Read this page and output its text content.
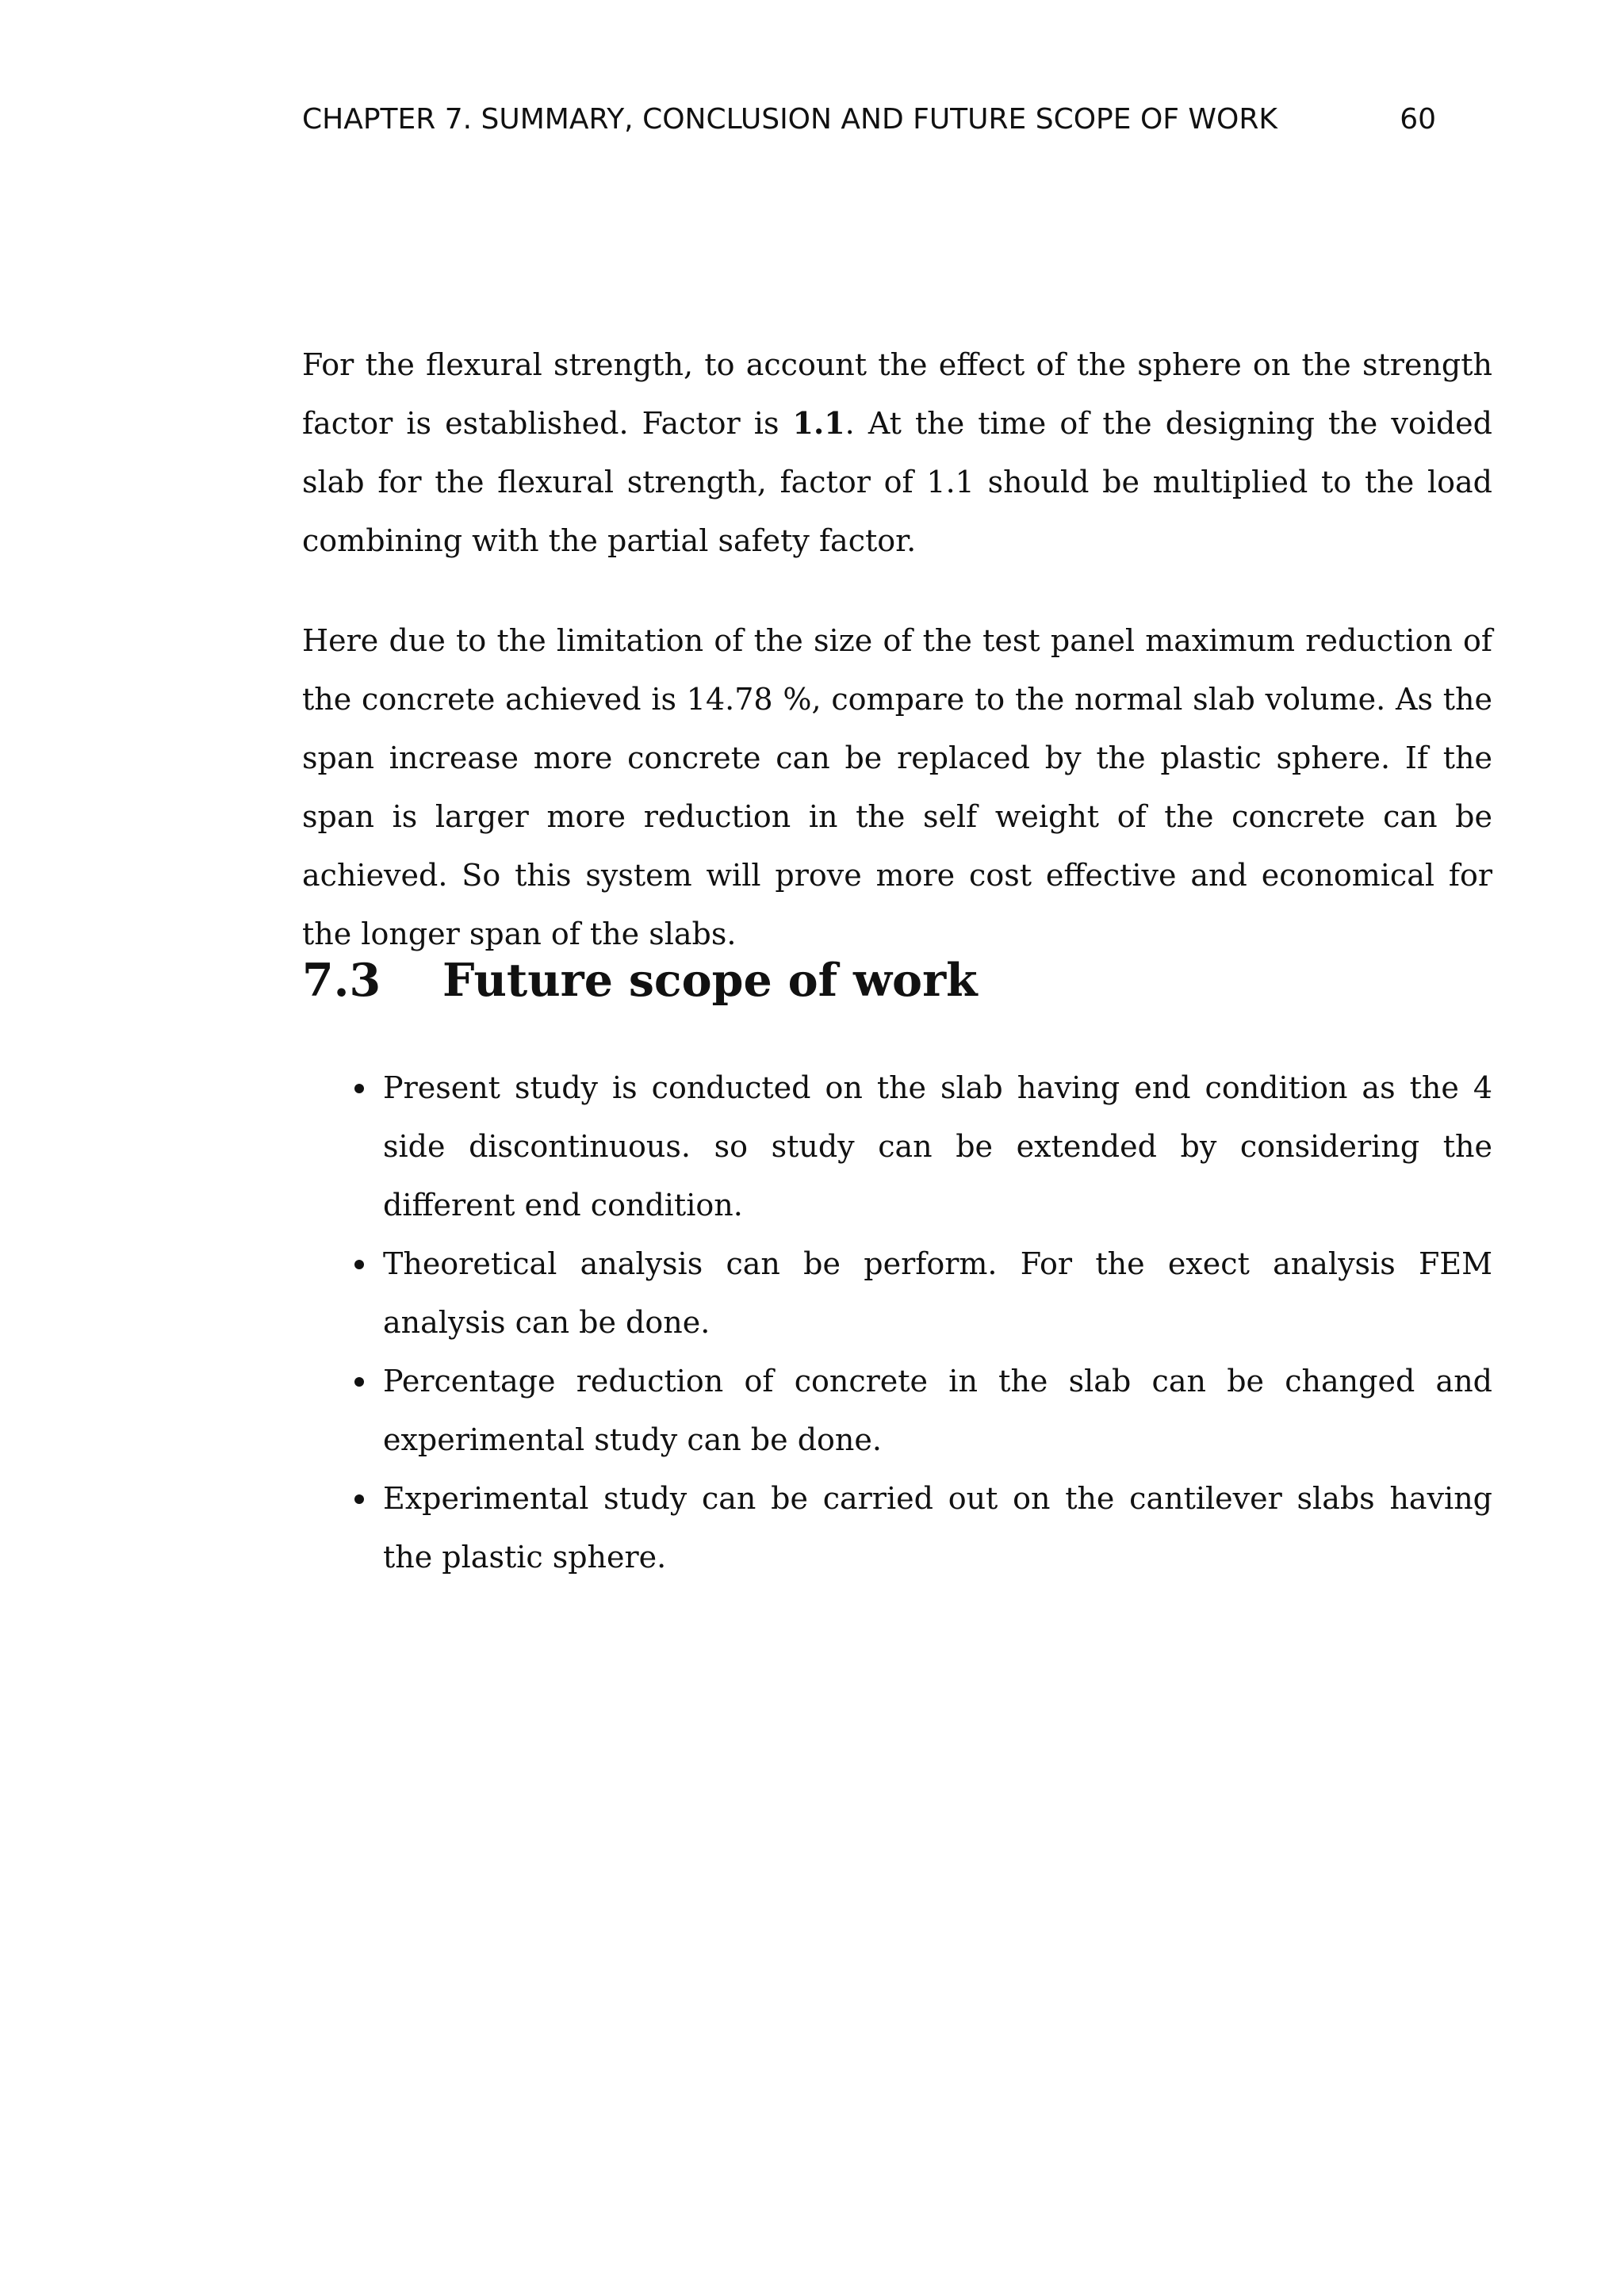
CHAPTER 7. SUMMARY, CONCLUSION AND FUTURE SCOPE OF WORK	60

For the flexural strength, to account the effect of the sphere on the strength factor is established. Factor is 1.1. At the time of the designing the voided slab for the flexural strength, factor of 1.1 should be multiplied to the load combining with the partial safety factor.

Here due to the limitation of the size of the test panel maximum reduction of the concrete achieved is 14.78 %, compare to the normal slab volume. As the span increase more concrete can be replaced by the plastic sphere. If the span is larger more reduction in the self weight of the concrete can be achieved. So this system will prove more cost effective and economical for the longer span of the slabs.

7.3 Future scope of work
Present study is conducted on the slab having end condition as the 4 side discontinuous. so study can be extended by considering the different end condition.
Theoretical analysis can be perform. For the exect analysis FEM analysis can be done.
Percentage reduction of concrete in the slab can be changed and experimental study can be done.
Experimental study can be carried out on the cantilever slabs having the plastic sphere.
